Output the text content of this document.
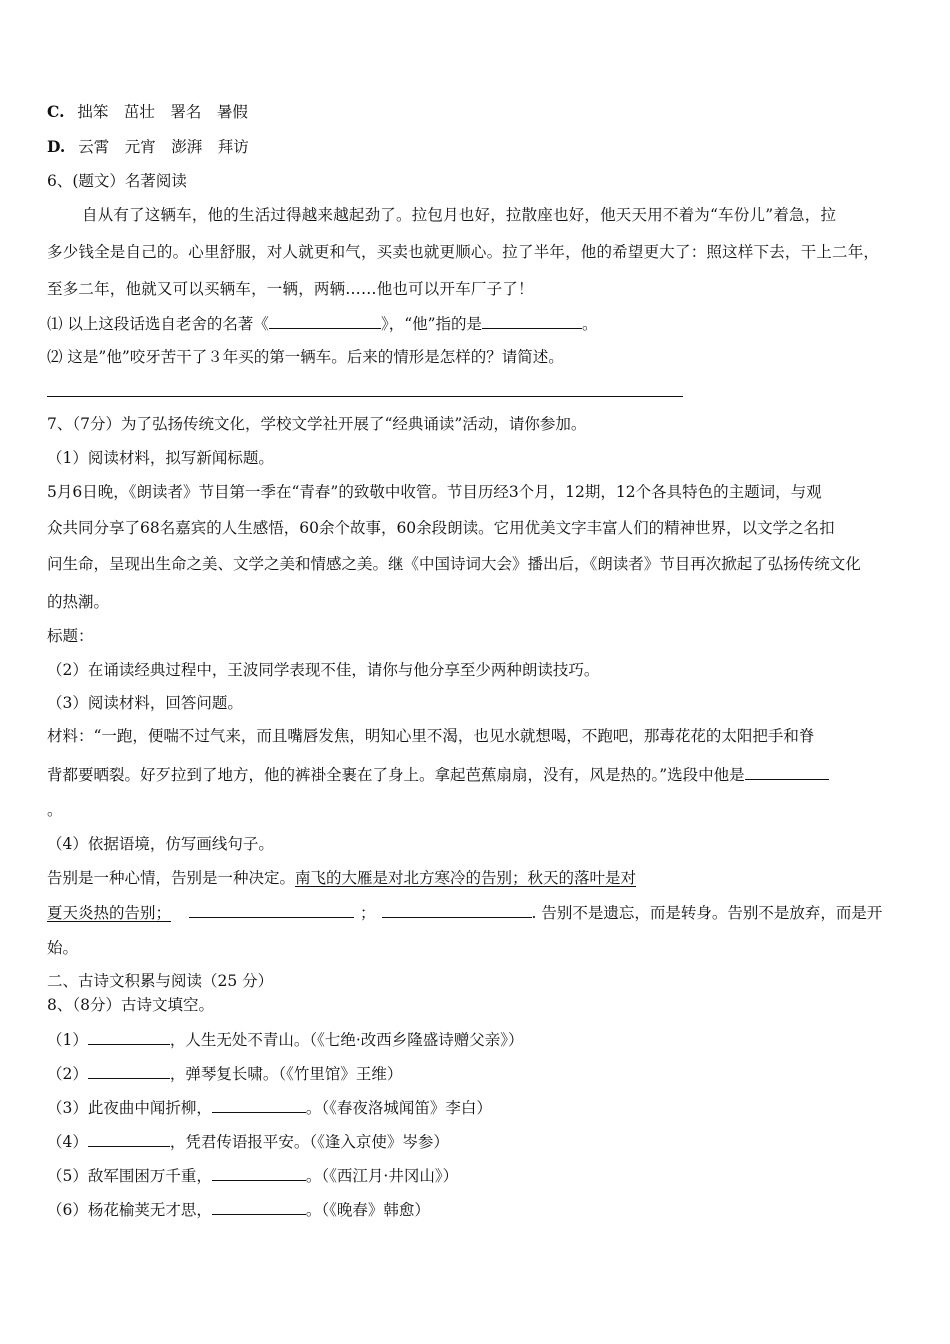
C. 拙笨　茁壮　署名　暑假
D. 云霄　元宵　澎湃　拜访
6、(题文）名著阅读
自从有了这辆车，他的生活过得越来越起劲了。拉包月也好，拉散座也好，他天天用不着为“车份儿”着急，拉
多少钱全是自己的。心里舒服，对人就更和气，买卖也就更顺心。拉了半年，他的希望更大了：照这样下去，干上二年，
至多二年，他就又可以买辆车，一辆，两辆……他也可以开车厂子了！
⑴ 以上这段话选自老舍的名著《	》，“他”指的是	。
⑵ 这是”他”咬牙苦干了３年买的第一辆车。后来的情形是怎样的？请简述。
7、（7分）为了弘扬传统文化，学校文学社开展了“经典诵读”活动，请你参加。
（1）阅读材料，拟写新闻标题。
5月6日晚，《朗读者》节目第一季在“青春”的致敬中收管。节目历经3个月，12期，12个各具特色的主题词，与观
众共同分享了68名嘉宾的人生感悟，60余个故事，60余段朗读。它用优美文字丰富人们的精神世界，以文学之名扣
问生命，呈现出生命之美、文学之美和情感之美。继《中国诗词大会》播出后，《朗读者》节目再次掀起了弘扬传统文化
的热潮。
标题：
（2）在诵读经典过程中，王波同学表现不佳，请你与他分享至少两种朗读技巧。
（3）阅读材料，回答问题。
材料：“一跑，便喘不过气来，而且嘴唇发焦，明知心里不渴，也见水就想喝，不跑吧，那毒花花的太阳把手和脊
背都要晒裂。好歹拉到了地方，他的裤褂全裹在了身上。拿起芭蕉扇扇，没有，风是热的。”选段中他是
。
（4）依据语境，仿写画线句子。
告别是一种心情，告别是一种决定。南飞的大雁是对北方寒冷的告别；秋天的落叶是对
夏天炎热的告别；	；	. 告别不是遗忘，而是转身。告别不是放弃，而是开
始。
二、古诗文积累与阅读（25 分）
8、（8分）古诗文填空。
（1）	，人生无处不青山。（《七绝·改西乡隆盛诗赠父亲》）
（2）	，弹琴复长啸。（《竹里馆》王维）
（3）此夜曲中闻折柳，	。（《春夜洛城闻笛》李白）
（4）	，凭君传语报平安。（《逢入京使》岑参）
（5）敌军围困万千重，	。（《西江月·井冈山》）
（6）杨花榆荚无才思，	。（《晚春》韩愈）
